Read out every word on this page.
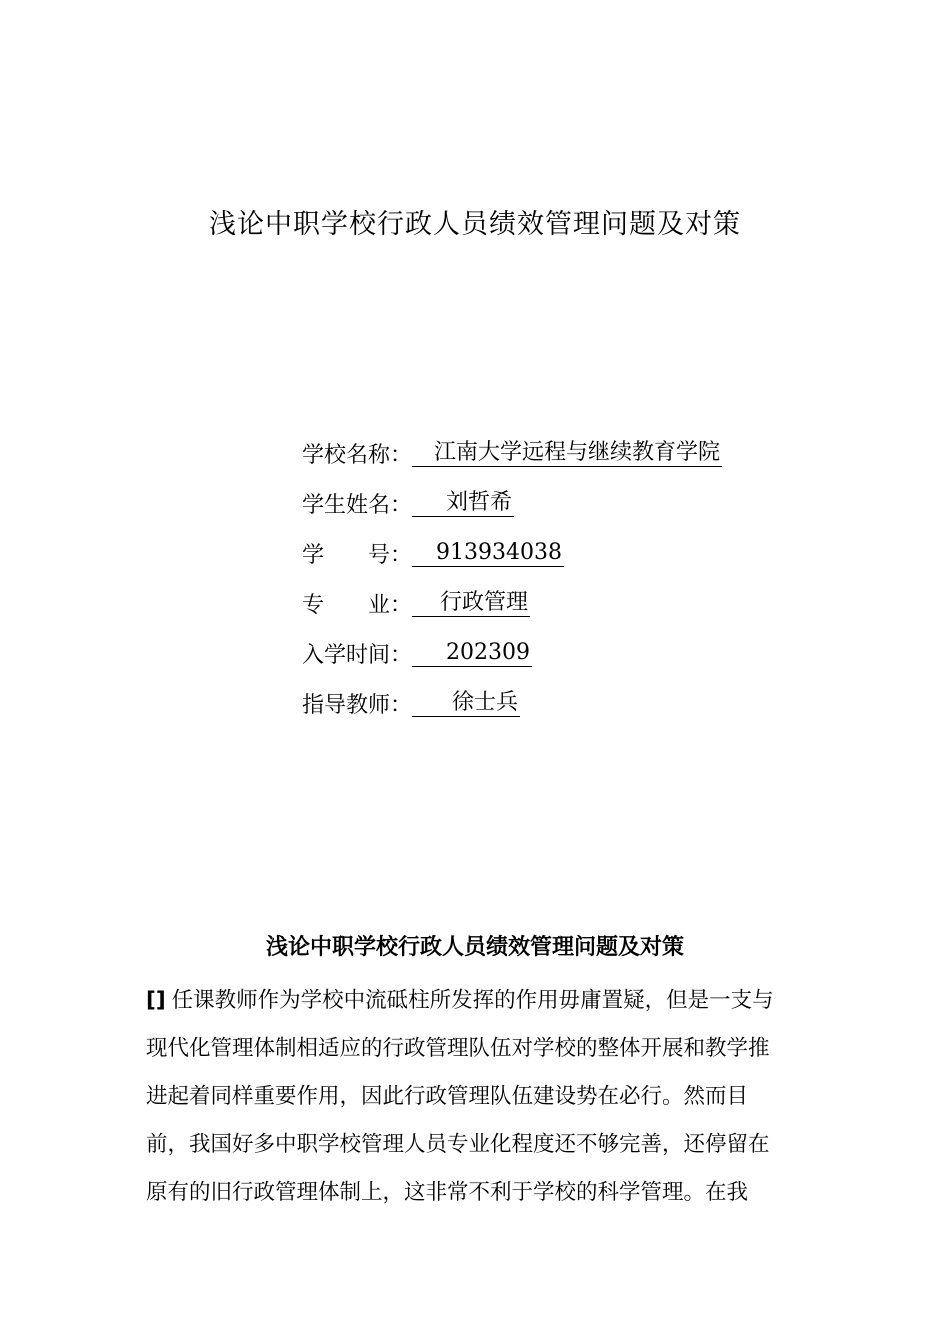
浅论中职学校行政人员绩效管理问题及对策
学校名称：	江南大学远程与继续教育学院
学生姓名：	刘哲希
学　　号：	913934038
专　　业：	行政管理
入学时间：	202309
指导教师：	徐士兵
浅论中职学校行政人员绩效管理问题及对策
[] 任课教师作为学校中流砥柱所发挥的作用毋庸置疑，但是一支与
现代化管理体制相适应的行政管理队伍对学校的整体开展和教学推
进起着同样重要作用，因此行政管理队伍建设势在必行。然而目
前，我国好多中职学校管理人员专业化程度还不够完善，还停留在
原有的旧行政管理体制上，这非常不利于学校的科学管理。在我
